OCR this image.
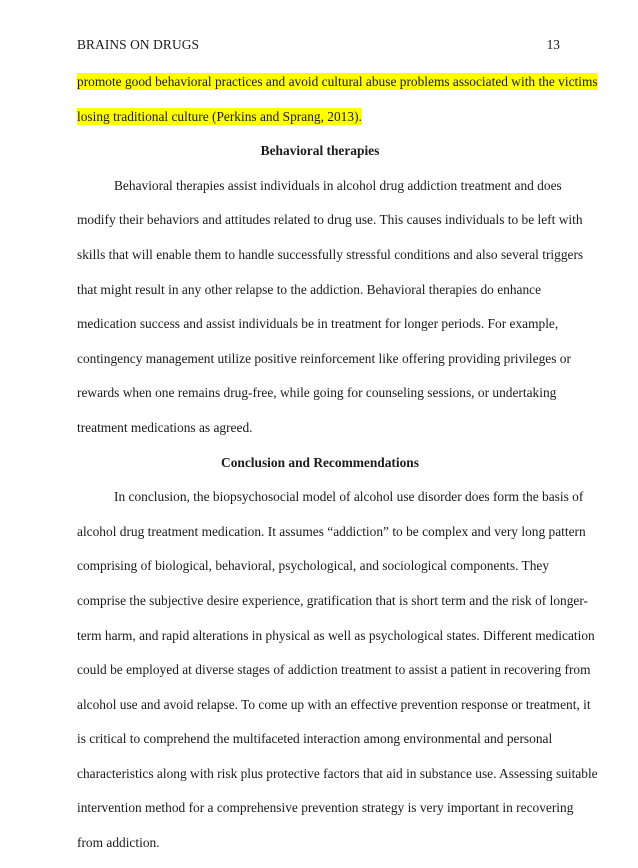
BRAINS ON DRUGS	13
promote good behavioral practices and avoid cultural abuse problems associated with the victims
losing traditional culture (Perkins and Sprang, 2013).
Behavioral therapies
Behavioral therapies assist individuals in alcohol drug addiction treatment and does
modify their behaviors and attitudes related to drug use. This causes individuals to be left with
skills that will enable them to handle successfully stressful conditions and also several triggers
that might result in any other relapse to the addiction. Behavioral therapies do enhance
medication success and assist individuals be in treatment for longer periods. For example,
contingency management utilize positive reinforcement like offering providing privileges or
rewards when one remains drug-free, while going for counseling sessions, or undertaking
treatment medications as agreed.
Conclusion and Recommendations
In conclusion, the biopsychosocial model of alcohol use disorder does form the basis of
alcohol drug treatment medication. It assumes “addiction” to be complex and very long pattern
comprising of biological, behavioral, psychological, and sociological components. They
comprise the subjective desire experience, gratification that is short term and the risk of longer-
term harm, and rapid alterations in physical as well as psychological states. Different medication
could be employed at diverse stages of addiction treatment to assist a patient in recovering from
alcohol use and avoid relapse. To come up with an effective prevention response or treatment, it
is critical to comprehend the multifaceted interaction among environmental and personal
characteristics along with risk plus protective factors that aid in substance use. Assessing suitable
intervention method for a comprehensive prevention strategy is very important in recovering
from addiction.
